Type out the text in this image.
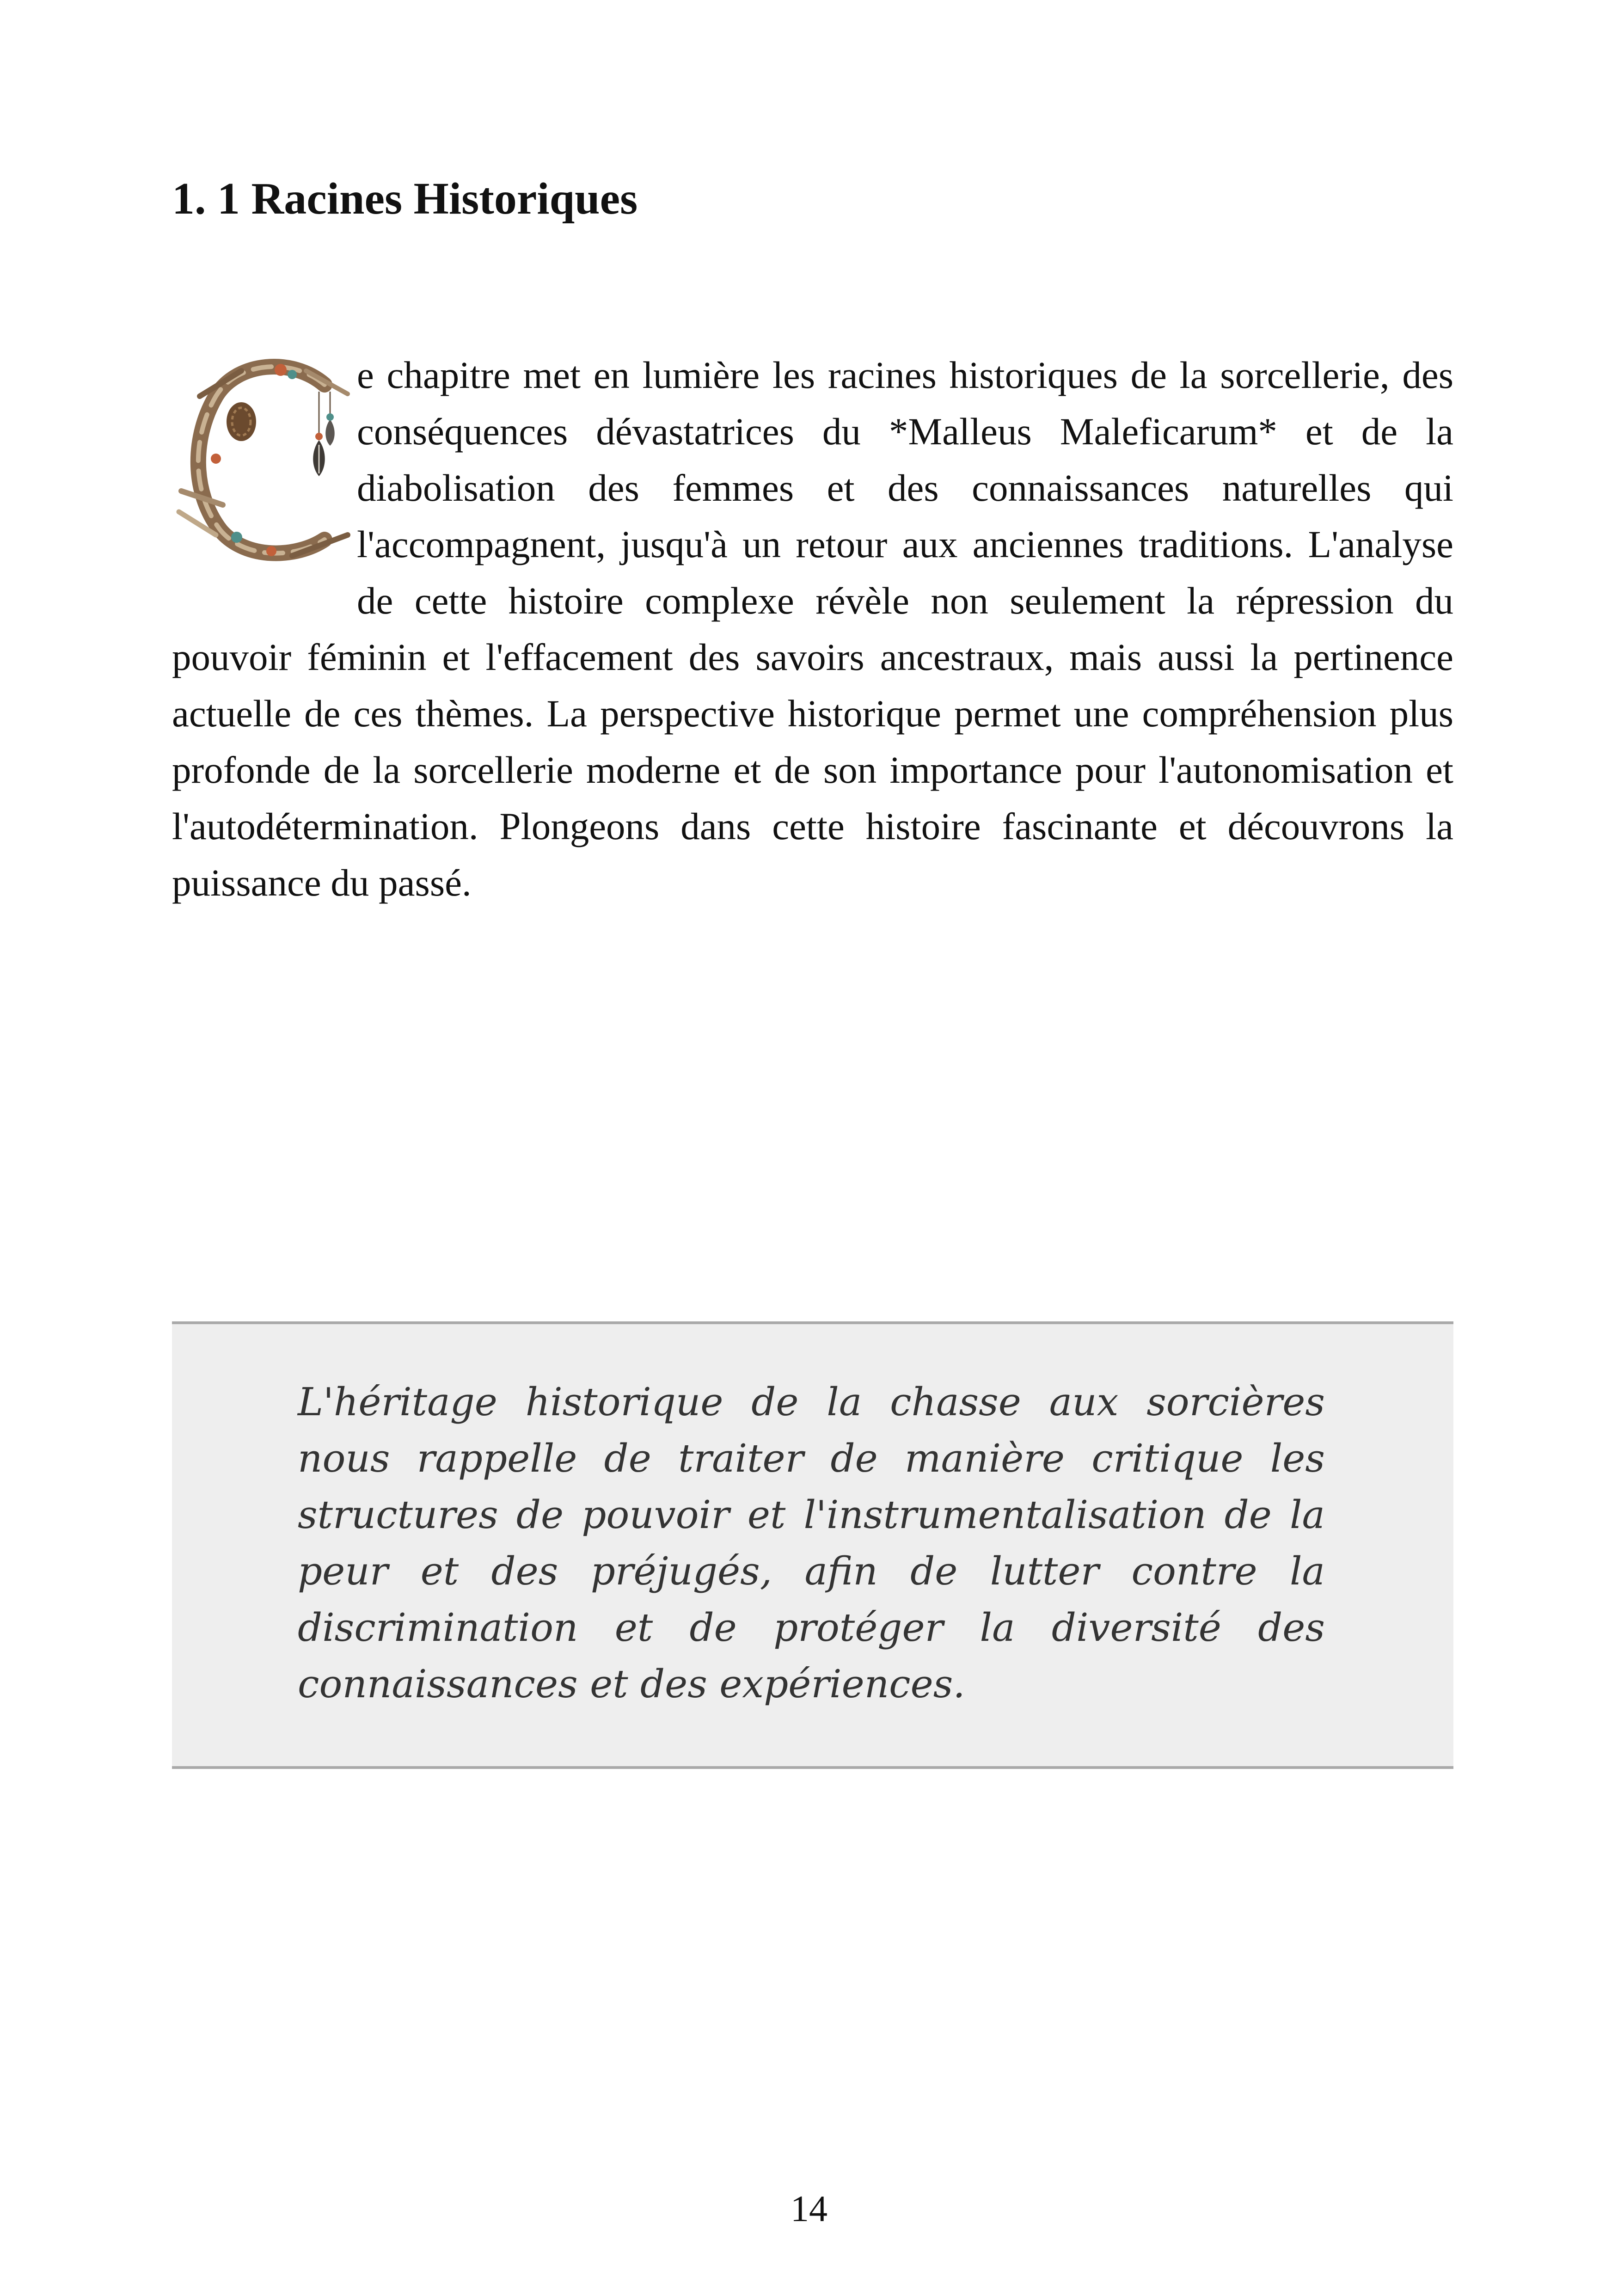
1. 1 Racines Historiques

e chapitre met en lumière les racines historiques de la sorcellerie, des conséquences dévastatrices du *Malleus Maleficarum* et de la diabolisation des femmes et des connaissances naturelles qui l'accompagnent, jusqu'à un retour aux anciennes traditions. L'analyse de cette histoire complexe révèle non seulement la répression du pouvoir féminin et l'effacement des savoirs ancestraux, mais aussi la pertinence actuelle de ces thèmes. La perspective historique permet une compréhension plus profonde de la sorcellerie moderne et de son importance pour l'autonomisation et l'autodétermination. Plongeons dans cette histoire fascinante et découvrons la puissance du passé.

L'héritage historique de la chasse aux sorcières nous rappelle de traiter de manière critique les structures de pouvoir et l'instrumentalisation de la peur et des préjugés, afin de lutter contre la discrimination et de protéger la diversité des connaissances et des expériences.

14
